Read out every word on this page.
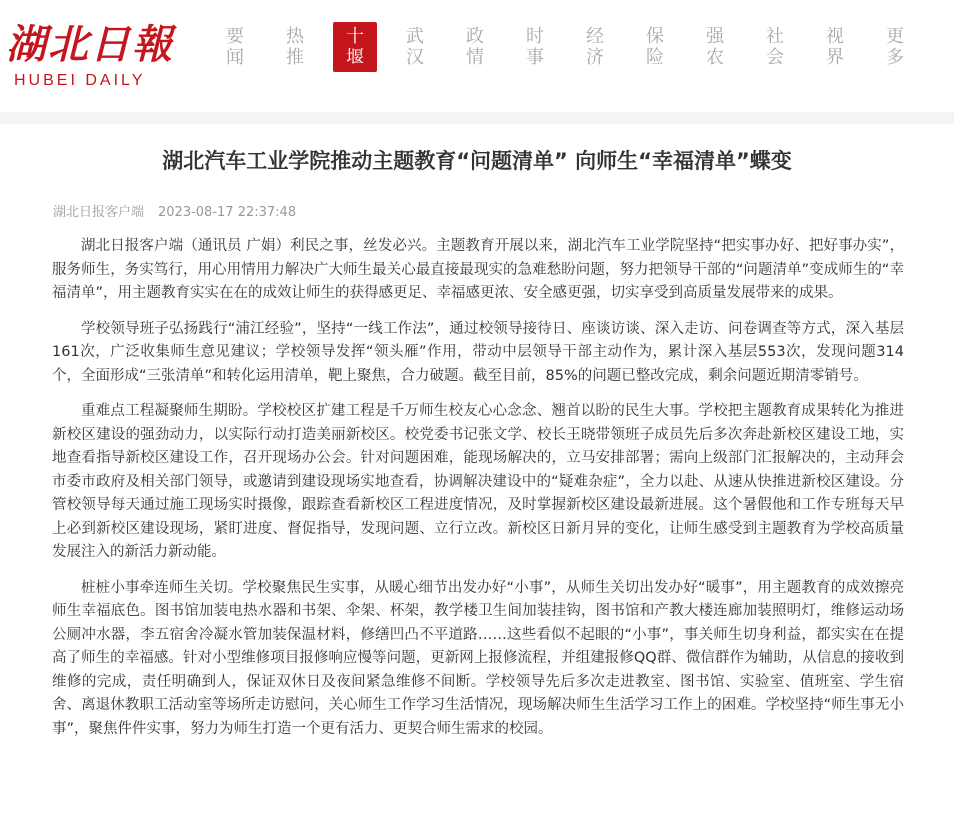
湖北日報
HUBEI DAILY
要
闻
热
推
十
堰
武
汉
政
情
时
事
经
济
保
险
强
农
社
会
视
界
更
多
湖北汽车工业学院推动主题教育“问题清单” 向师生“幸福清单”蝶变
湖北日报客户端 2023-08-17 22:37:48

湖北日报客户端（通讯员 广娟）利民之事，丝发必兴。主题教育开展以来，湖北汽车工业学院坚持“把实事办好、把好事办实”，服务师生，务实笃行，用心用情用力解决广大师生最关心最直接最现实的急难愁盼问题，努力把领导干部的“问题清单”变成师生的“幸福清单”，用主题教育实实在在的成效让师生的获得感更足、幸福感更浓、安全感更强，切实享受到高质量发展带来的成果。

学校领导班子弘扬践行“浦江经验”，坚持“一线工作法”，通过校领导接待日、座谈访谈、深入走访、问卷调查等方式，深入基层161次，广泛收集师生意见建议；学校领导发挥“领头雁”作用，带动中层领导干部主动作为，累计深入基层553次，发现问题314个，全面形成“三张清单”和转化运用清单，靶上聚焦，合力破题。截至目前，85%的问题已整改完成，剩余问题近期清零销号。

重难点工程凝聚师生期盼。学校校区扩建工程是千万师生校友心心念念、翘首以盼的民生大事。学校把主题教育成果转化为推进新校区建设的强劲动力，以实际行动打造美丽新校区。校党委书记张文学、校长王晓带领班子成员先后多次奔赴新校区建设工地，实地查看指导新校区建设工作，召开现场办公会。针对问题困难，能现场解决的，立马安排部署；需向上级部门汇报解决的，主动拜会市委市政府及相关部门领导，或邀请到建设现场实地查看，协调解决建设中的“疑难杂症”，全力以赴、从速从快推进新校区建设。分管校领导每天通过施工现场实时摄像，跟踪查看新校区工程进度情况，及时掌握新校区建设最新进展。这个暑假他和工作专班每天早上必到新校区建设现场，紧盯进度、督促指导，发现问题、立行立改。新校区日新月异的变化，让师生感受到主题教育为学校高质量发展注入的新活力新动能。

桩桩小事牵连师生关切。学校聚焦民生实事，从暖心细节出发办好“小事”，从师生关切出发办好“暖事”，用主题教育的成效擦亮师生幸福底色。图书馆加装电热水器和书架、伞架、杯架，教学楼卫生间加装挂钩，图书馆和产教大楼连廊加装照明灯，维修运动场公厕冲水器，李五宿舍冷凝水管加装保温材料，修缮凹凸不平道路……这些看似不起眼的“小事”，事关师生切身利益，都实实在在提高了师生的幸福感。针对小型维修项目报修响应慢等问题，更新网上报修流程，并组建报修QQ群、微信群作为辅助，从信息的接收到维修的完成，责任明确到人，保证双休日及夜间紧急维修不间断。学校领导先后多次走进教室、图书馆、实验室、值班室、学生宿舍、离退休教职工活动室等场所走访慰问，关心师生工作学习生活情况，现场解决师生生活学习工作上的困难。学校坚持“师生事无小事”，聚焦件件实事，努力为师生打造一个更有活力、更契合师生需求的校园。
